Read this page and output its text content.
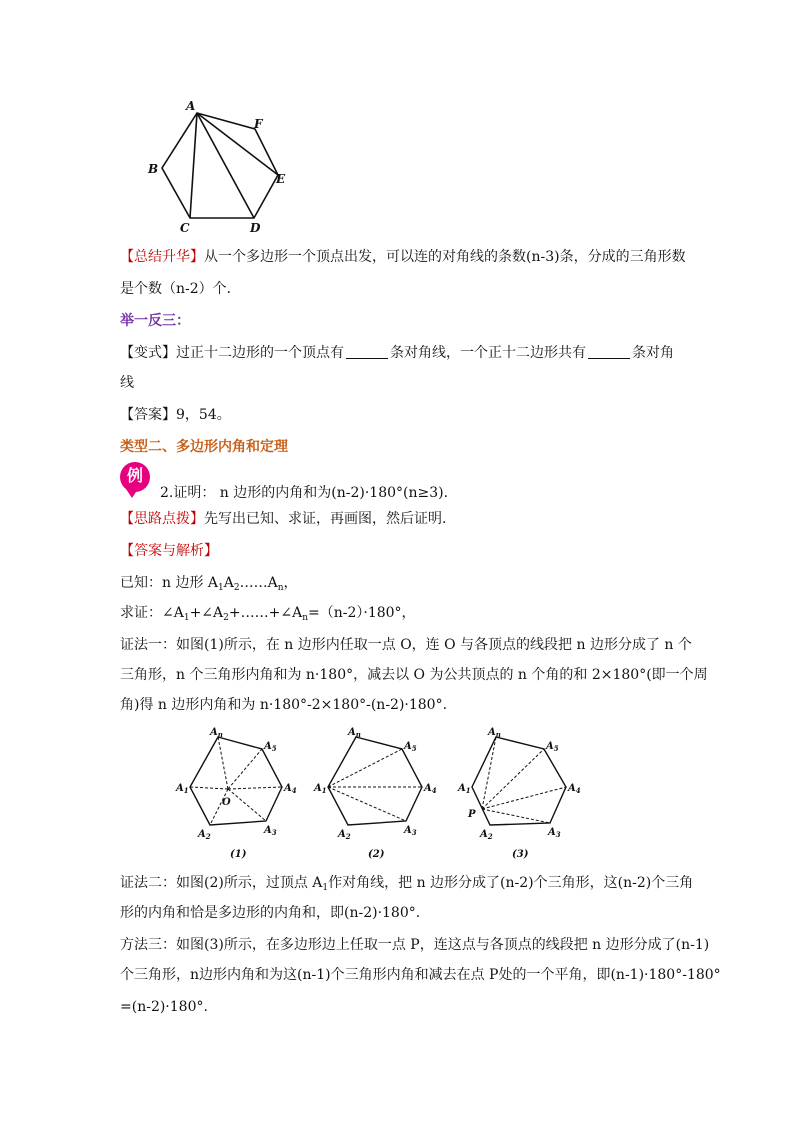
A
F
B
E
C	D
【总结升华】从一个多边形一个顶点出发，可以连的对角线的条数(n-3)条，分成的三角形数
是个数（n-2）个．
举一反三：
【变式】过正十二边形的一个顶点有	条对角线，一个正十二边形共有	条对角
线
【答案】9，54。
类型二、多边形内角和定理
例
2.证明： n 边形的内角和为(n-2)·180°(n≥3).
【思路点拨】先写出已知、求证，再画图，然后证明.
【答案与解析】
已知：n 边形 $A_1A_2\dots\dots A_n$，
求证：$\angle A_1+\angle A_2+\dots\dots+\angle A_n=(n-2)\cdot 180^\circ$，
证法一：如图(1)所示，在 n 边形内任取一点 O，连 O 与各顶点的线段把 n 边形分成了 n 个
三角形，n 个三角形内角和为 n·180°，减去以 O 为公共顶点的 n 个角的和 2×180°(即一个周
角)得 n 边形内角和为 n·180°-2×180°-(n-2)·180°.
$A_n$
$A_5$
$A_1$	$A_4$
O
$A_2$
$A_3$
$A_n$
$A_5$
$A_1$	$A_4$
$A_2$
$A_3$
$A_n$
$A_5$
$A_1$	$A_4$
P
$A_2$	$A_3$
(1)	(2)	(3)
证法二：如图(2)所示，过顶点 $A_1$作对角线，把 n 边形分成了(n-2)个三角形，这(n-2)个三角
形的内角和恰是多边形的内角和，即(n-2)·180°.
方法三：如图(3)所示，在多边形边上任取一点 P，连这点与各顶点的线段把 n 边形分成了(n-1)
个三角形，n边形内角和为这(n-1)个三角形内角和减去在点 P处的一个平角，即(n-1)·180°-180°
=(n-2)·180°.
